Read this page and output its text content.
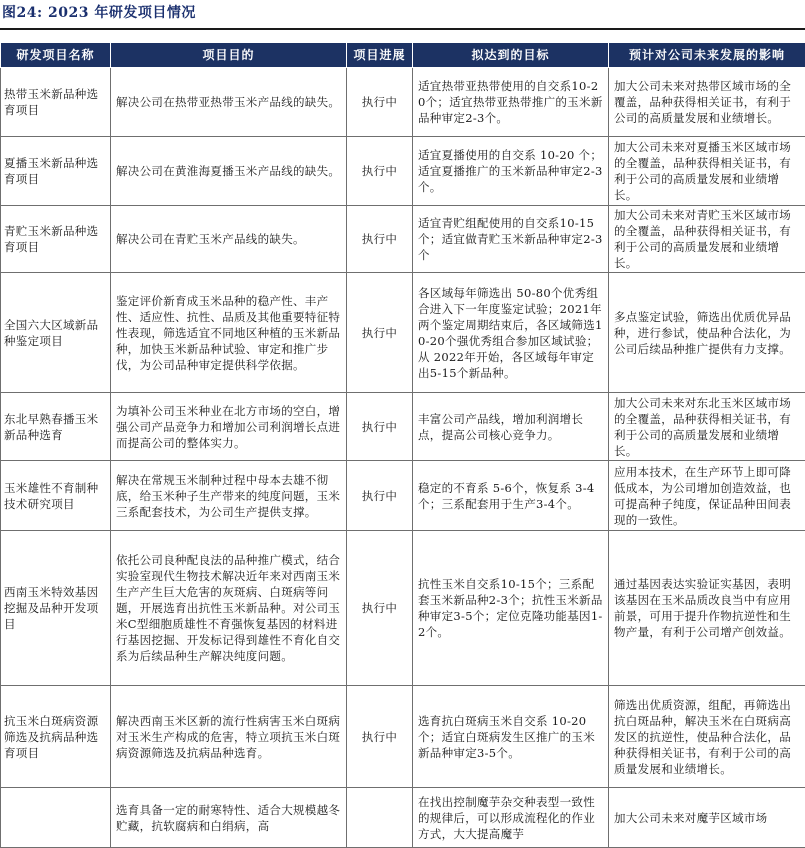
图24: 2023 年研发项目情况
研发项目名称	项目目的	项目进展	拟达到的目标	预计对公司未来发展的影响
热带玉米新品种选育项目	解决公司在热带亚热带玉米产品线的缺失。	执行中	适宜热带亚热带使用的自交系10-20个；适宜热带亚热带推广的玉米新品种审定2-3个。	加大公司未来对热带区域市场的全覆盖，品种获得相关证书，有利于公司的高质量发展和业绩增长。
夏播玉米新品种选育项目	解决公司在黄淮海夏播玉米产品线的缺失。	执行中	适宜夏播使用的自交系 10-20 个；适宜夏播推广的玉米新品种审定2-3个。	加大公司未来对夏播玉米区域市场的全覆盖，品种获得相关证书，有利于公司的高质量发展和业绩增长。
青贮玉米新品种选育项目	解决公司在青贮玉米产品线的缺失。	执行中	适宜青贮组配使用的自交系10-15个；适宜做青贮玉米新品种审定2-3个	加大公司未来对青贮玉米区域市场的全覆盖，品种获得相关证书，有利于公司的高质量发展和业绩增长。
全国六大区域新品种鉴定项目	鉴定评价新育成玉米品种的稳产性、丰产性、适应性、抗性、品质及其他重要特征特性表现，筛选适宜不同地区种植的玉米新品种，加快玉米新品种试验、审定和推广步伐，为公司品种审定提供科学依据。	执行中	各区域每年筛选出 50-80个优秀组合进入下一年度鉴定试验；2021年两个鉴定周期结束后，各区域筛选10-20个强优秀组合参加区域试验；从 2022年开始，各区域每年审定出5-15个新品种。	多点鉴定试验，筛选出优质优异品种，进行参试，使品种合法化，为公司后续品种推广提供有力支撑。
东北早熟春播玉米新品种选育	为填补公司玉米种业在北方市场的空白，增强公司产品竞争力和增加公司利润增长点进而提高公司的整体实力。	执行中	丰富公司产品线，增加利润增长点，提高公司核心竞争力。	加大公司未来对东北玉米区域市场的全覆盖，品种获得相关证书，有利于公司的高质量发展和业绩增长。
玉米雄性不育制种技术研究项目	解决在常规玉米制种过程中母本去雄不彻底，给玉米种子生产带来的纯度问题，玉米三系配套技术，为公司生产提供支撑。	执行中	稳定的不育系 5-6个，恢复系 3-4个；三系配套用于生产3-4个。	应用本技术，在生产环节上即可降低成本，为公司增加创造效益，也可提高种子纯度，保证品种田间表现的一致性。
西南玉米特效基因挖掘及品种开发项目	依托公司良种配良法的品种推广模式，结合实验室现代生物技术解决近年来对西南玉米生产产生巨大危害的灰斑病、白斑病等问题，开展选育出抗性玉米新品种。对公司玉米C型细胞质雄性不育强恢复基因的材料进行基因挖掘、开发标记得到雄性不育化自交系为后续品种生产解决纯度问题。	执行中	抗性玉米自交系10-15个；三系配套玉米新品种2-3个；抗性玉米新品种审定3-5个；定位克隆功能基因1-2个。	通过基因表达实验证实基因，表明该基因在玉米品质改良当中有应用前景，可用于提升作物抗逆性和生物产量，有利于公司增产创效益。
抗玉米白斑病资源筛选及抗病品种选育项目	解决西南玉米区新的流行性病害玉米白斑病对玉米生产构成的危害，特立项抗玉米白斑病资源筛选及抗病品种选育。	执行中	选育抗白斑病玉米自交系 10-20个；适宜白斑病发生区推广的玉米新品种审定3-5个。	筛选出优质资源，组配，再筛选出抗白斑品种，解决玉米在白斑病高发区的抗逆性，使品种合法化，品种获得相关证书，有利于公司的高质量发展和业绩增长。
	选育具备一定的耐寒特性、适合大规模越冬贮藏，抗软腐病和白绢病，高		在找出控制魔芋杂交种表型一致性的规律后，可以形成流程化的作业方式，大大提高魔芋	加大公司未来对魔芋区域市场
